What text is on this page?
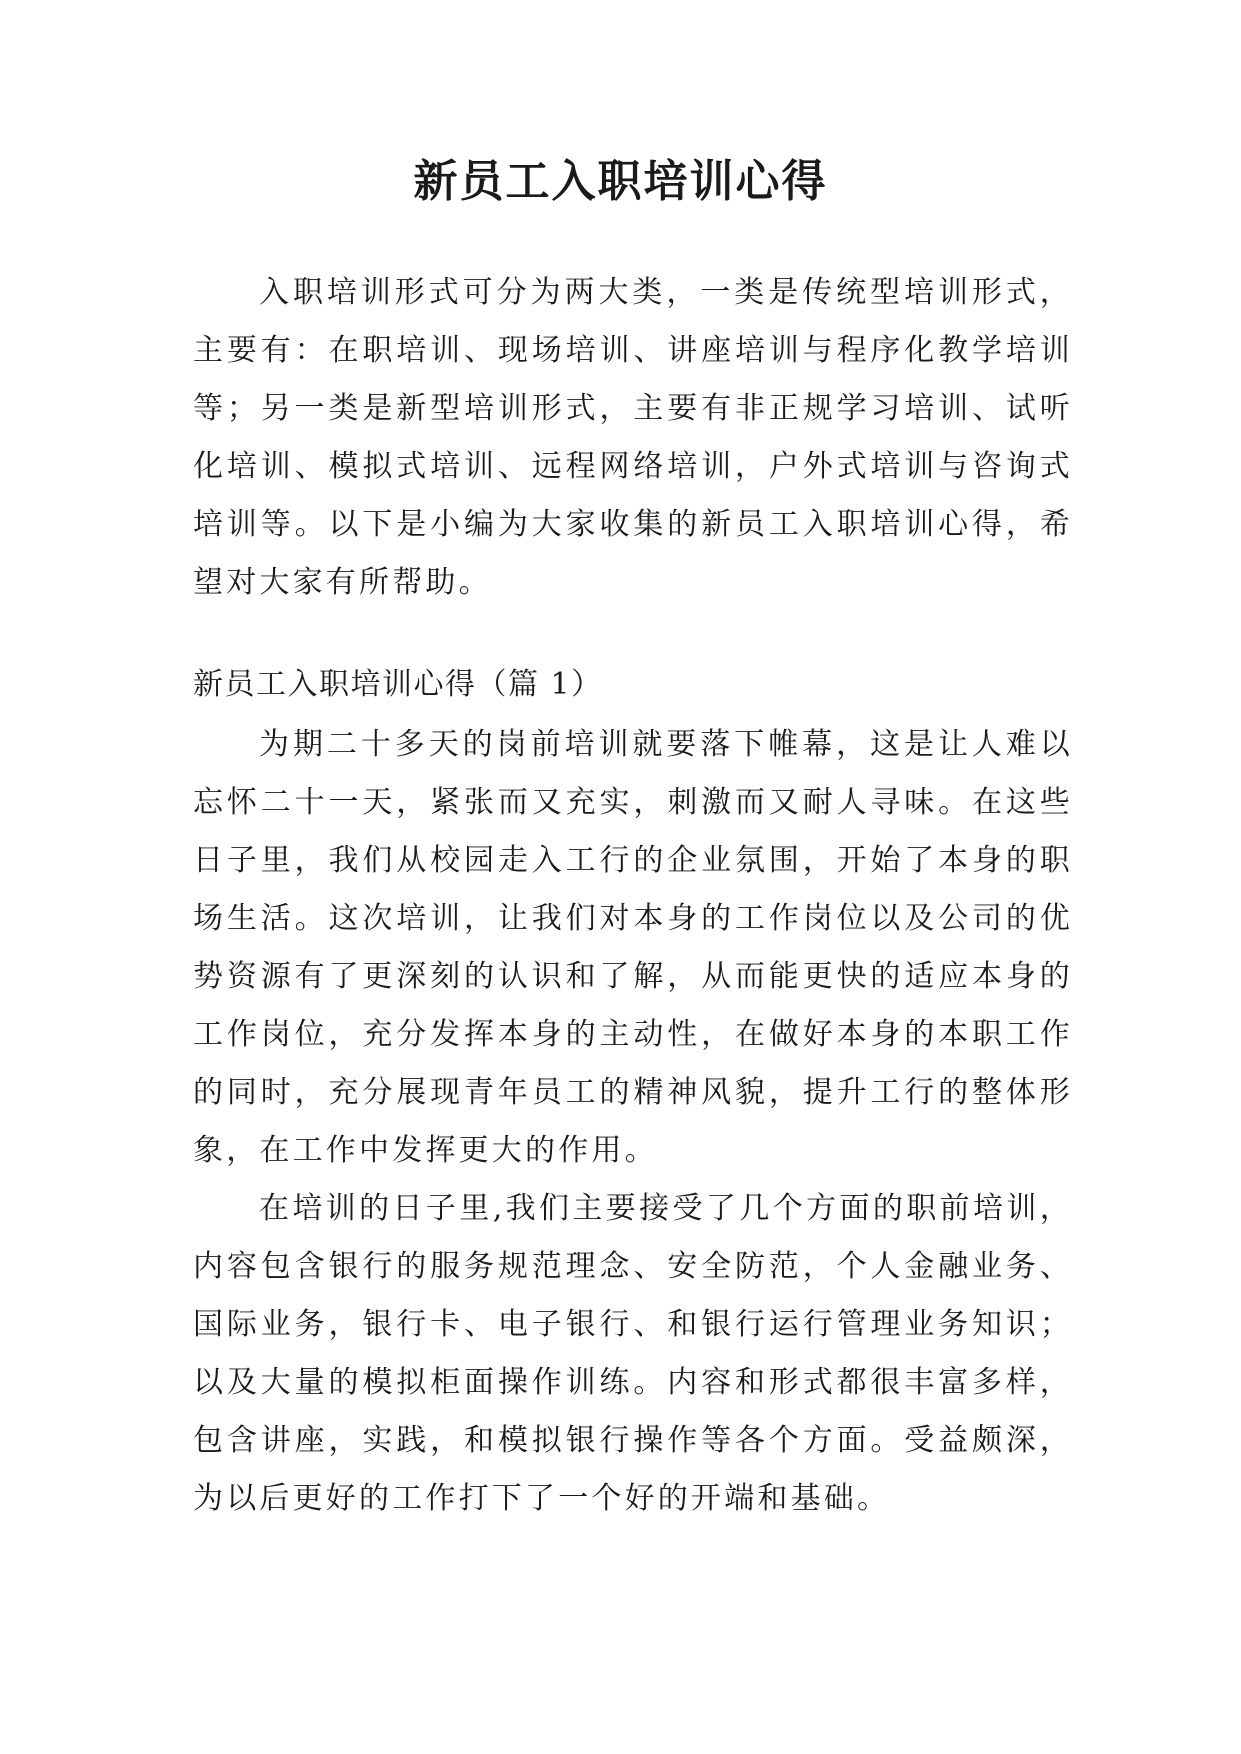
新员工入职培训心得

入职培训形式可分为两大类，一类是传统型培训形式，主要有：在职培训、现场培训、讲座培训与程序化教学培训等；另一类是新型培训形式，主要有非正规学习培训、试听化培训、模拟式培训、远程网络培训，户外式培训与咨询式培训等。以下是小编为大家收集的新员工入职培训心得，希望对大家有所帮助。

新员工入职培训心得（篇 1）

为期二十多天的岗前培训就要落下帷幕，这是让人难以忘怀二十一天，紧张而又充实，刺激而又耐人寻味。在这些日子里，我们从校园走入工行的企业氛围，开始了本身的职场生活。这次培训，让我们对本身的工作岗位以及公司的优势资源有了更深刻的认识和了解，从而能更快的适应本身的工作岗位，充分发挥本身的主动性，在做好本身的本职工作的同时，充分展现青年员工的精神风貌，提升工行的整体形象，在工作中发挥更大的作用。

在培训的日子里,我们主要接受了几个方面的职前培训，内容包含银行的服务规范理念、安全防范，个人金融业务、国际业务，银行卡、电子银行、和银行运行管理业务知识；以及大量的模拟柜面操作训练。内容和形式都很丰富多样，包含讲座，实践，和模拟银行操作等各个方面。受益颇深，为以后更好的工作打下了一个好的开端和基础。
